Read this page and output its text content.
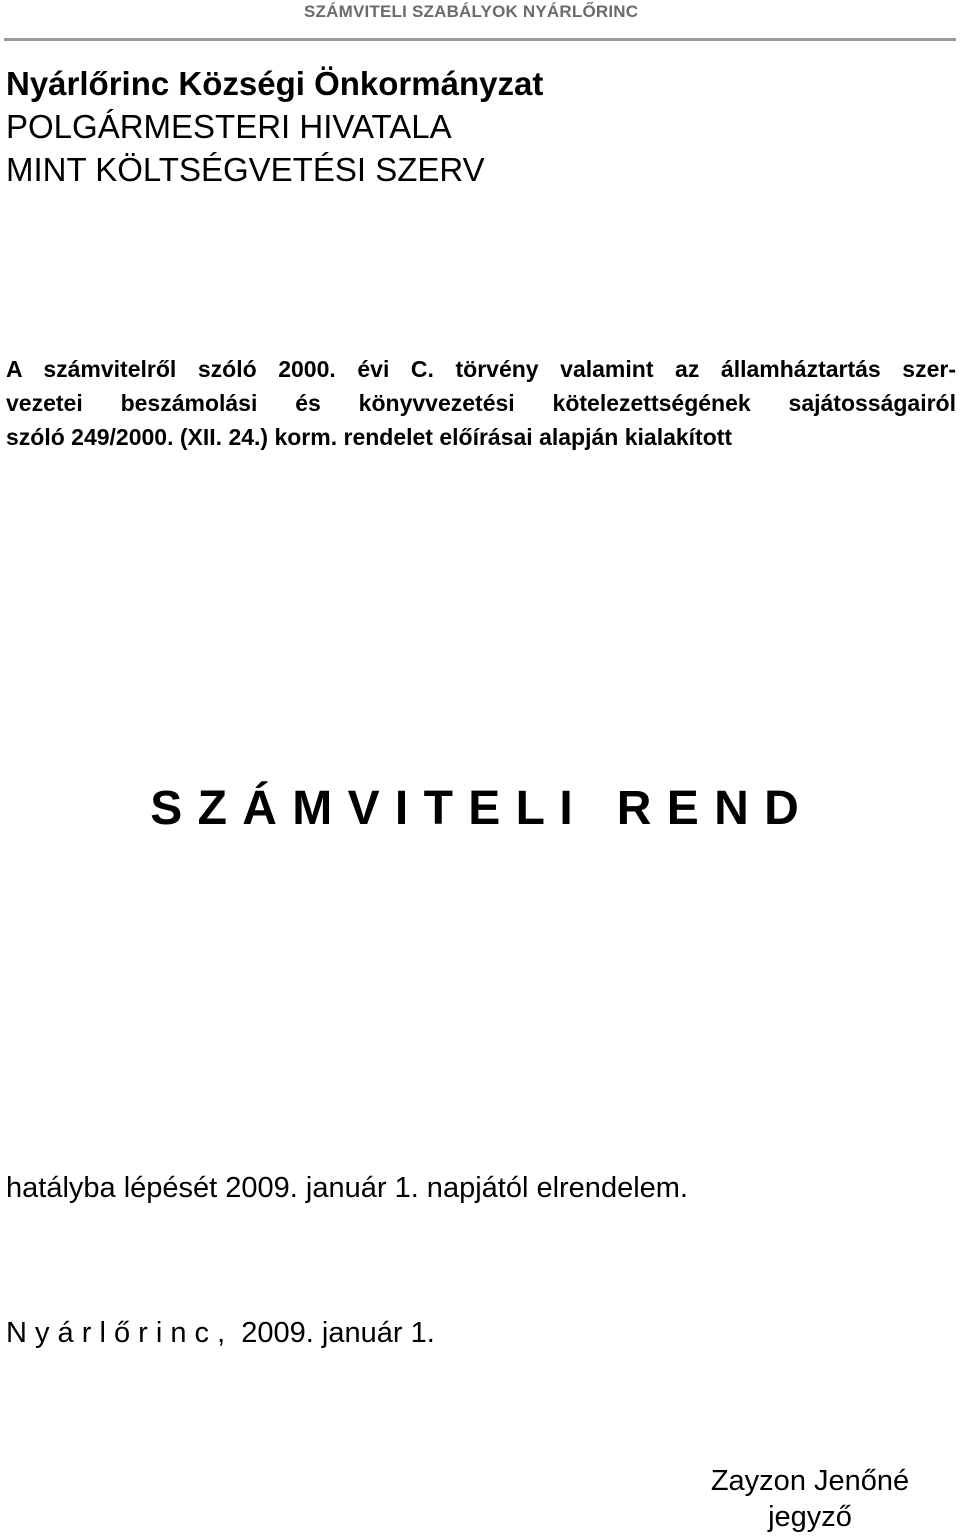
SZÁMVITELI SZABÁLYOK NYÁRLŐRINC
Nyárlőrinc Községi Önkormányzat
POLGÁRMESTERI HIVATALA
MINT KÖLTSÉGVETÉSI SZERV
A számvitelről szóló 2000. évi C. törvény valamint az államháztartás szer-
vezetei beszámolási és könyvvezetési kötelezettségének sajátosságairól
szóló 249/2000. (XII. 24.) korm. rendelet előírásai alapján kialakított
S Z Á M V I T E L I   R E N D
hatályba lépését 2009. január 1. napjától elrendelem.
N y á r l ő r i n c ,  2009. január 1.
Zayzon Jenőné
jegyző
